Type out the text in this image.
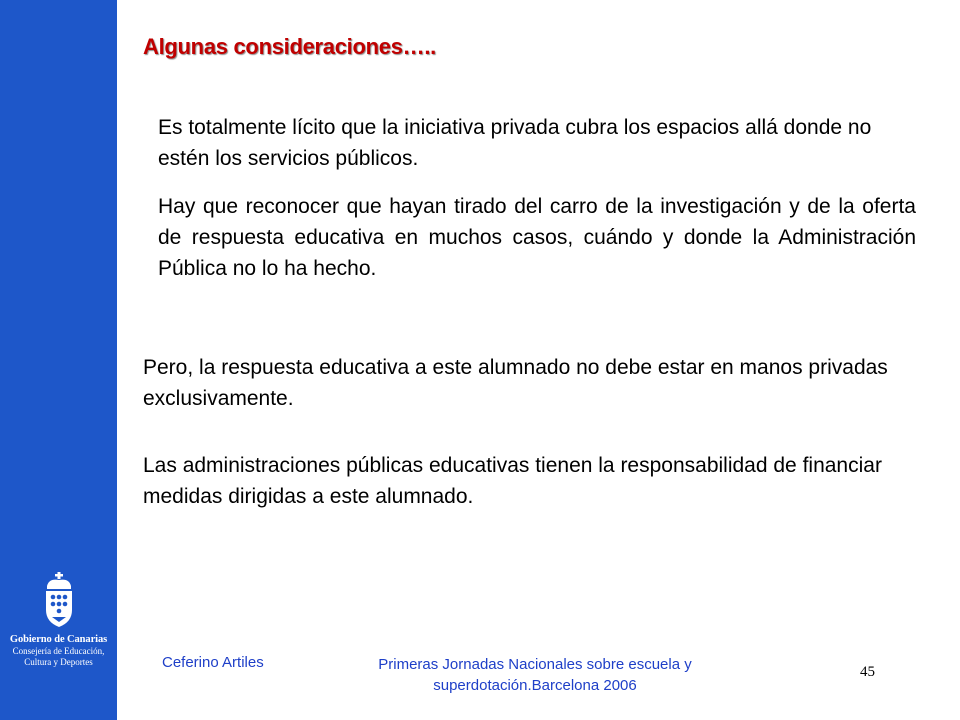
Gobierno de Canarias
Consejería de Educación,
Cultura y Deportes
Algunas consideraciones…..

Es totalmente lícito que la iniciativa privada cubra los espacios allá donde no estén los servicios públicos.

Hay que reconocer que hayan tirado del carro de la investigación y de la oferta de respuesta educativa en muchos casos, cuándo y donde la Administración Pública no lo ha hecho.

Pero, la respuesta educativa a este alumnado no debe estar en manos privadas exclusivamente.

Las administraciones públicas educativas tienen la responsabilidad de financiar medidas dirigidas a este alumnado.

Ceferino Artiles	Primeras Jornadas Nacionales sobre escuela y superdotación.Barcelona 2006
45
